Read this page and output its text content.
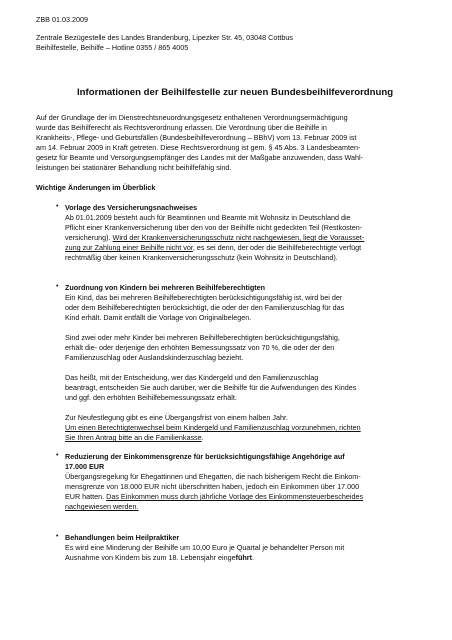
ZBB 01.03.2009
Zentrale Bezügestelle des Landes Brandenburg, Lipezker Str. 45, 03048 Cottbus
Beihilfestelle, Beihilfe – Hotline 0355 / 865 4005
Informationen der Beihilfestelle zur neuen Bundesbeihilfeverordnung
Auf der Grundlage der im Dienstrechtsneuordnungsgesetz enthaltenen Verordnungsermächtigung
wurde das Beihilferecht als Rechtsverordnung erlassen. Die Verordnung über die Beihilfe in
Krankheits-, Pflege- und Geburtsfällen (Bundesbeihilfeverordnung – BBhV) vom 13. Februar 2009 ist
am 14. Februar 2009 in Kraft getreten. Diese Rechtsverordnung ist gem. § 45 Abs. 3 Landesbeamten-
gesetz für Beamte und Versorgungsempfänger des Landes mit der Maßgabe anzuwenden, dass Wahl-
leistungen bei stationärer Behandlung nicht beihilfefähig sind.
Wichtige Änderungen im Überblick
• Vorlage des Versicherungsnachweises
Ab 01.01.2009 besteht auch für Beamtinnen und Beamte mit Wohnsitz in Deutschland die
Pflicht einer Krankenversicherung über den von der Beihilfe nicht gedeckten Teil (Restkosten-
versicherung). Wird der Krankenversicherungsschutz nicht nachgewiesen, liegt die Vorausset-
zung zur Zahlung einer Beihilfe nicht vor, es sei denn, der oder die Beihilfeberechtigte verfügt
rechtmäßig über keinen Krankenversicherungsschutz (kein Wohnsitz in Deutschland).
• Zuordnung von Kindern bei mehreren Beihilfeberechtigten
Ein Kind, das bei mehreren Beihilfeberechtigten berücksichtigungsfähig ist, wird bei der
oder dem Beihilfeberechtigten berücksichtigt, die oder der den Familienzuschlag für das
Kind erhält. Damit entfällt die Vorlage von Originalbelegen.
Sind zwei oder mehr Kinder bei mehreren Beihilfeberechtigten berücksichtigungsfähig,
erhält die- oder derjenige den erhöhten Bemessungssatz von 70 %, die oder der den
Familienzuschlag oder Auslandskinderzuschlag bezieht.
Das heißt, mit der Entscheidung, wer das Kindergeld und den Familienzuschlag
beantragt, entscheiden Sie auch darüber, wer die Beihilfe für die Aufwendungen des Kindes
und ggf. den erhöhten Beihilfebemessungssatz erhält.
Zur Neufestlegung gibt es eine Übergangsfrist von einem halben Jahr.
Um einen Berechtigtenwechsel beim Kindergeld und Familienzuschlag vorzunehmen, richten
Sie Ihren Antrag bitte an die Familienkasse.
• Reduzierung der Einkommensgrenze für berücksichtigungsfähige Angehörige auf
17.000 EUR
Übergangsregelung für Ehegattinnen und Ehegatten, die nach bisherigem Recht die Einkom-
mensgrenze von 18.000 EUR nicht überschritten haben, jedoch ein Einkommen über 17.000
EUR hatten. Das Einkommen muss durch jährliche Vorlage des Einkommensteuerbescheides
nachgewiesen werden.
• Behandlungen beim Heilpraktiker
Es wird eine Minderung der Beihilfe um 10,00 Euro je Quartal je behandelter Person mit
Ausnahme von Kindern bis zum 18. Lebensjahr eingeführt.
